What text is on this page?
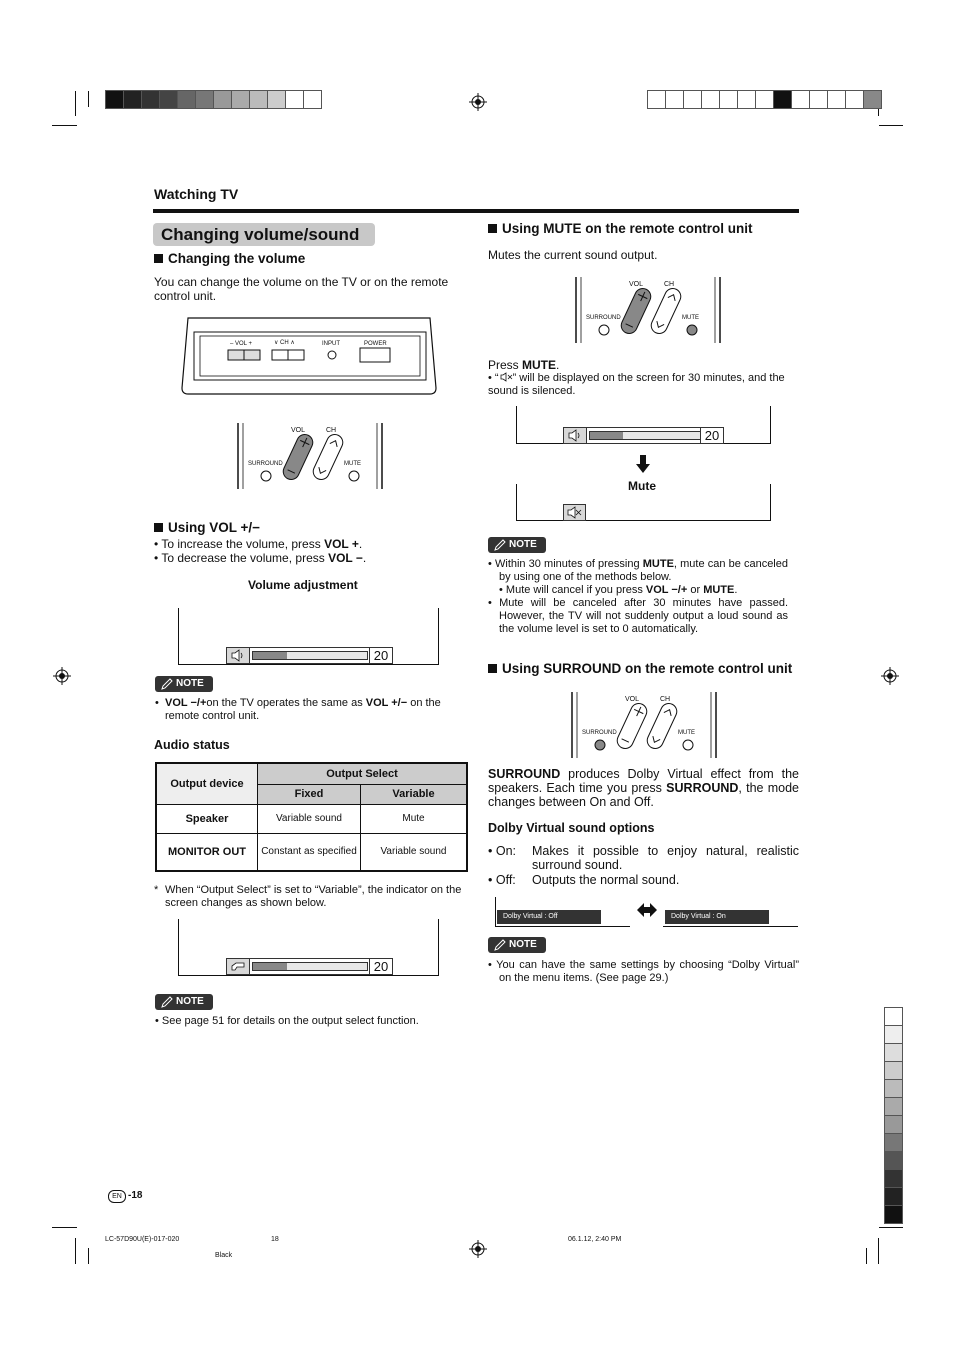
Watching TV
Changing volume/sound
Changing the volume
You can change the volume on the TV or on the remote control unit.
– VOL +	∨ CH ∧	INPUT	POWER
VOL	CH
SURROUND	MUTE
Using VOL +/−
• To increase the volume, press VOL +.
• To decrease the volume, press VOL −.
Volume adjustment
20
NOTE
• VOL −/+on the TV operates the same as VOL +/− on the remote control unit.
Audio status
Output device	Output Select	
	Fixed	Variable
Speaker	Variable sound	Mute
MONITOR OUT	Constant as specified	Variable sound
* When “Output Select” is set to “Variable”, the indicator on the screen changes as shown below.
20
NOTE
• See page 51 for details on the output select function.
Using MUTE on the remote control unit
Mutes the current sound output.
VOL	CH
SURROUND	MUTE
Press MUTE.
• “ ” will be displayed on the screen for 30 minutes, and the sound is silenced.
20
Mute
NOTE
• Within 30 minutes of pressing MUTE, mute can be canceled by using one of the methods below.
• Mute will cancel if you press VOL −/+ or MUTE.
• Mute will be canceled after 30 minutes have passed. However, the TV will not suddenly output a loud sound as the volume level is set to 0 automatically.
Using SURROUND on the remote control unit
VOL	CH
SURROUND	MUTE
SURROUND produces Dolby Virtual effect from the speakers. Each time you press SURROUND, the mode changes between On and Off.
Dolby Virtual sound options
• On: Makes it possible to enjoy natural, realistic surround sound.
• Off: Outputs the normal sound.
Dolby Virtual : Off	Dolby Virtual : On
NOTE
• You can have the same settings by choosing “Dolby Virtual” on the menu items. (See page 29.)
EN -18
LC-57D90U(E)-017-020	18	06.1.12, 2:40 PM
Black
